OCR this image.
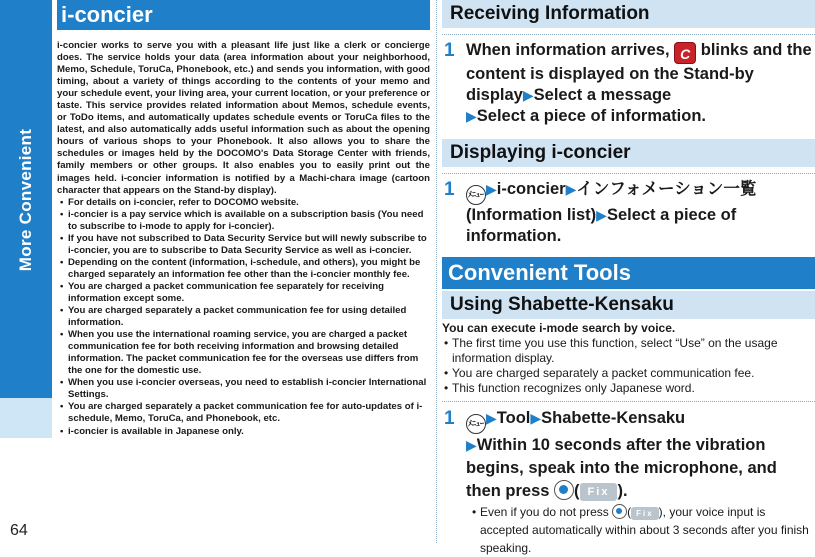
More Convenient
64
i-concier

i-concier works to serve you with a pleasant life just like a clerk or concierge does. The service holds your data (area information about your neighborhood, Memo, Schedule, ToruCa, Phonebook, etc.) and sends you information, with good timing, about a variety of things according to the contents of your memo and your schedule event, your living area, your current location, or your preference or taste. This service provides related information about Memos, schedule events, or ToDo items, and automatically updates schedule events or ToruCa files to the latest, and also automatically adds useful information such as about the opening hours of various shops to your Phonebook. It also allows you to share the schedules or images held by the DOCOMO's Data Storage Center with friends, family members or other groups. It also enables you to easily print out the images held. i-concier information is notified by a Machi-chara image (cartoon character that appears on the Stand-by display).

• For details on i-concier, refer to DOCOMO website.
• i-concier is a pay service which is available on a subscription basis (You need to subscribe to i-mode to apply for i-concier).
• If you have not subscribed to Data Security Service but will newly subscribe to i-concier, you are to subscribe to Data Security Service as well as i-concier.
• Depending on the content (information, i-schedule, and others), you might be charged separately an information fee other than the i-concier monthly fee.
• You are charged a packet communication fee separately for receiving information except some.
• You are charged separately a packet communication fee for using detailed information.
• When you use the international roaming service, you are charged a packet communication fee for both receiving information and browsing detailed information. The packet communication fee for the overseas use differs from the one for the domestic use.
• When you use i-concier overseas, you need to establish i-concier International Settings.
• You are charged separately a packet communication fee for auto-updates of i-schedule, Memo, ToruCa, and Phonebook, etc.
• i-concier is available in Japanese only.
Receiving Information
1 When information arrives, C blinks and the content is displayed on the Stand-by display▶Select a message
▶Select a piece of information.
Displaying i-concier
1 ﾒﾆｭｰ ▶i-concier▶インフォメーション一覧 (Information list)▶Select a piece of information.
Convenient Tools
Using Shabette-Kensaku

You can execute i-mode search by voice.

• The first time you use this function, select “Use” on the usage information display.
• You are charged separately a packet communication fee.
• This function recognizes only Japanese word.
1 ﾒﾆｭｰ ▶Tool▶Shabette-Kensaku
▶Within 10 seconds after the vibration begins, speak into the microphone, and then press ( Fix ).
• Even if you do not press ( Fix ), your voice input is accepted automatically within about 3 seconds after you finish speaking.
